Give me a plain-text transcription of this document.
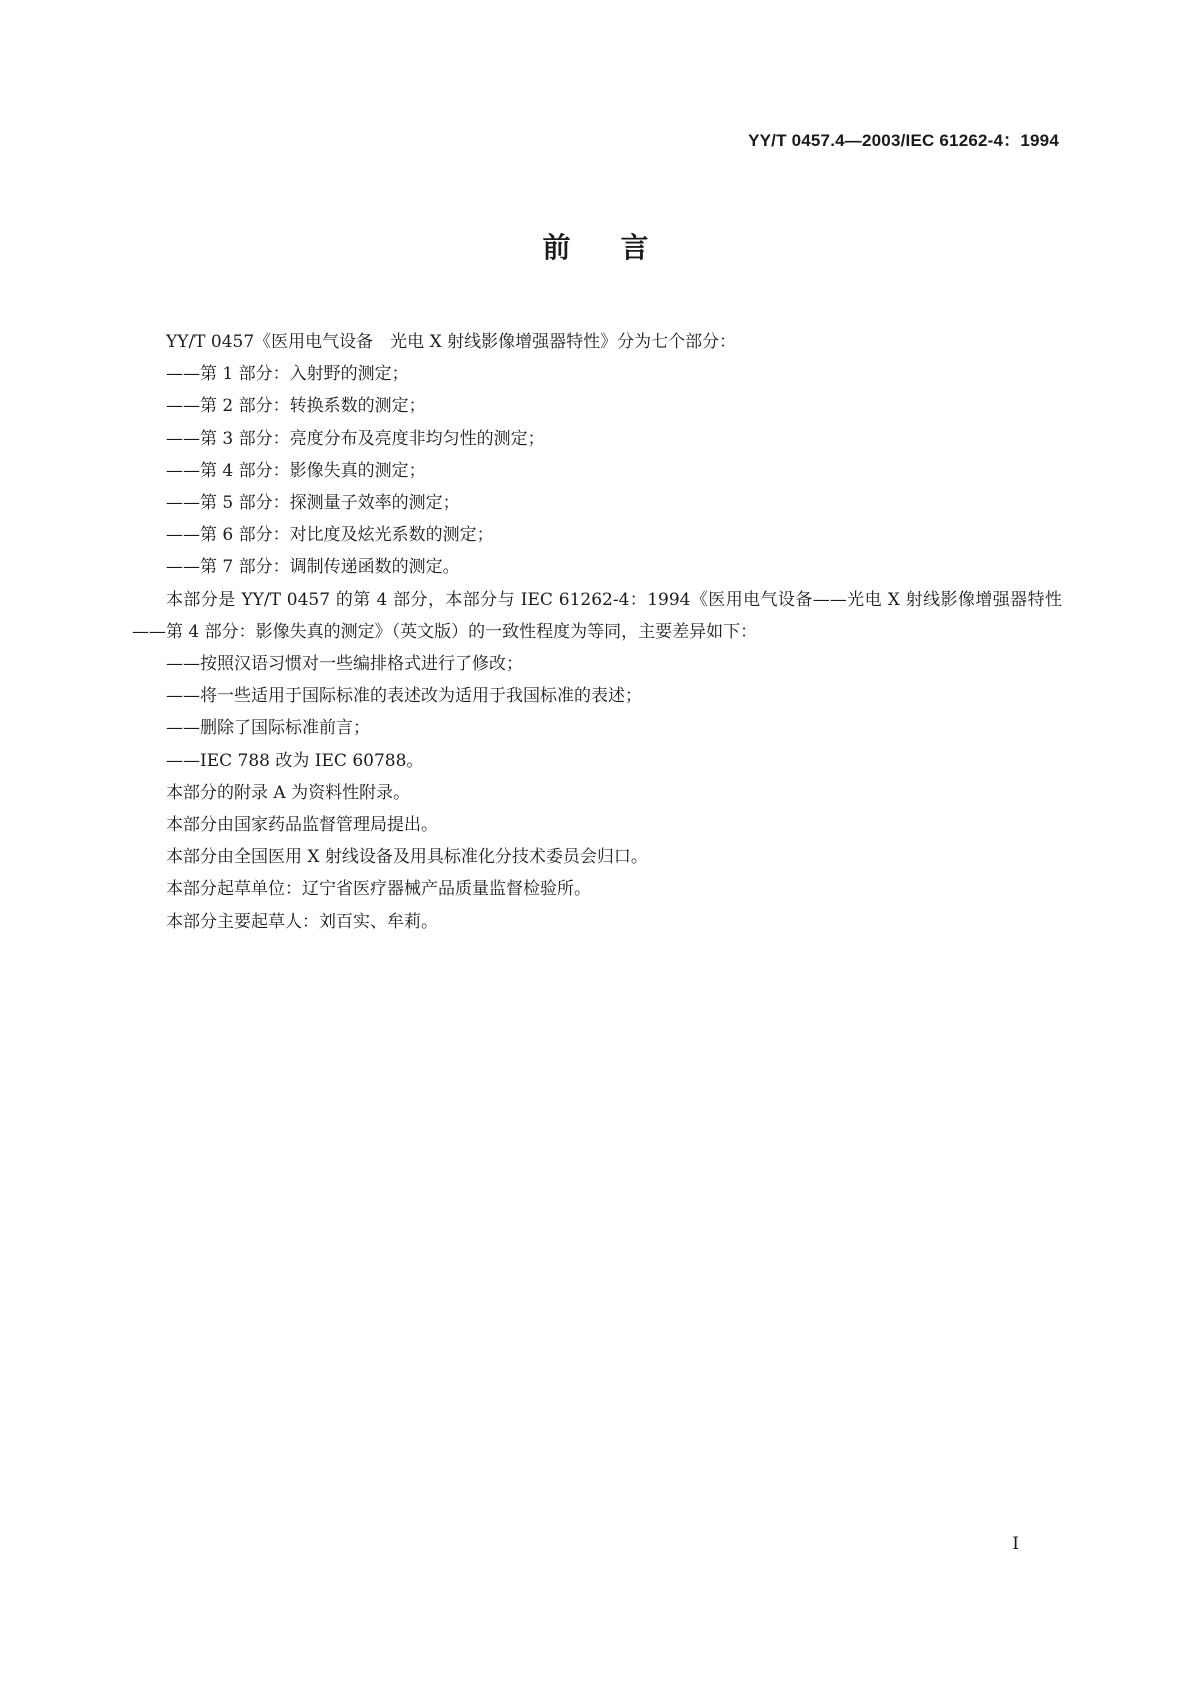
YY/T 0457.4—2003/IEC 61262-4：1994
前言

YY/T 0457《医用电气设备　光电 X 射线影像增强器特性》分为七个部分：

——第 1 部分：入射野的测定；

——第 2 部分：转换系数的测定；

——第 3 部分：亮度分布及亮度非均匀性的测定；

——第 4 部分：影像失真的测定；

——第 5 部分：探测量子效率的测定；

——第 6 部分：对比度及炫光系数的测定；

——第 7 部分：调制传递函数的测定。

本部分是 YY/T 0457 的第 4 部分，本部分与 IEC 61262-4：1994《医用电气设备——光电 X 射线影像增强器特性——第 4 部分：影像失真的测定》（英文版）的一致性程度为等同，主要差异如下：

——按照汉语习惯对一些编排格式进行了修改；

——将一些适用于国际标准的表述改为适用于我国标准的表述；

——删除了国际标准前言；

——IEC 788 改为 IEC 60788。

本部分的附录 A 为资料性附录。

本部分由国家药品监督管理局提出。

本部分由全国医用 X 射线设备及用具标准化分技术委员会归口。

本部分起草单位：辽宁省医疗器械产品质量监督检验所。

本部分主要起草人：刘百实、牟莉。

I
